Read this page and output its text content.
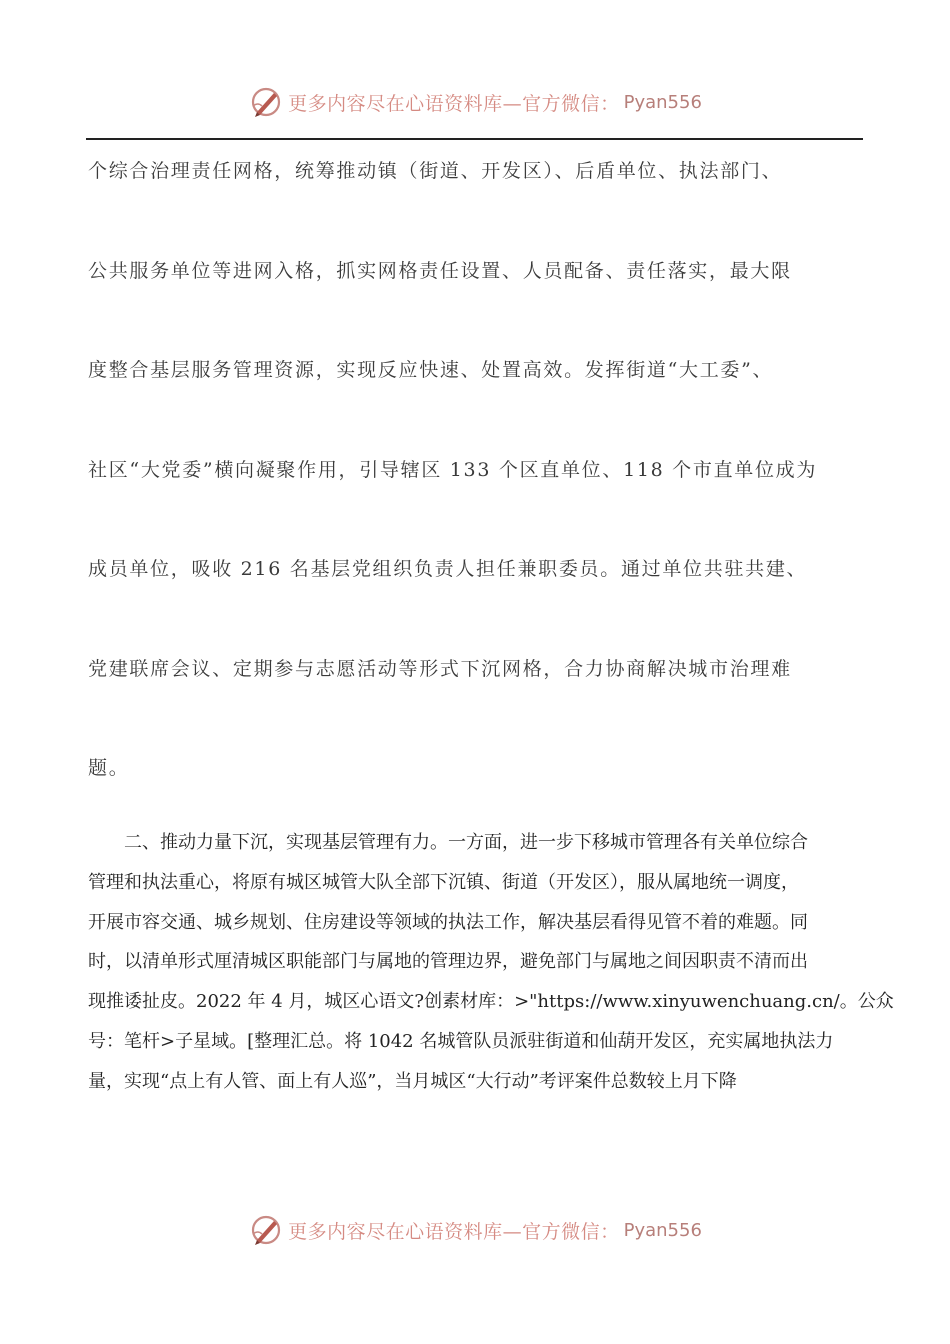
更多内容尽在心语资料库—官方微信： Pyan556
个综合治理责任网格，统筹推动镇（街道、开发区）、后盾单位、执法部门、
公共服务单位等进网入格，抓实网格责任设置、人员配备、责任落实，最大限
度整合基层服务管理资源，实现反应快速、处置高效。发挥街道“大工委”、
社区“大党委”横向凝聚作用，引导辖区 133 个区直单位、118 个市直单位成为
成员单位，吸收 216 名基层党组织负责人担任兼职委员。通过单位共驻共建、
党建联席会议、定期参与志愿活动等形式下沉网格，合力协商解决城市治理难
题。
　　二、推动力量下沉，实现基层管理有力。一方面，进一步下移城市管理各有关单位综合
管理和执法重心，将原有城区城管大队全部下沉镇、街道（开发区），服从属地统一调度，
开展市容交通、城乡规划、住房建设等领域的执法工作，解决基层看得见管不着的难题。同
时，以清单形式厘清城区职能部门与属地的管理边界，避免部门与属地之间因职责不清而出
现推诿扯皮。2022 年 4 月，城区心语文?创素材库：>"https://www.xinyuwenchuang.cn/。公众
号：笔杆>子星域。[整理汇总。将 1042 名城管队员派驻街道和仙葫开发区，充实属地执法力
量，实现“点上有人管、面上有人巡”，当月城区“大行动”考评案件总数较上月下降
更多内容尽在心语资料库—官方微信： Pyan556
